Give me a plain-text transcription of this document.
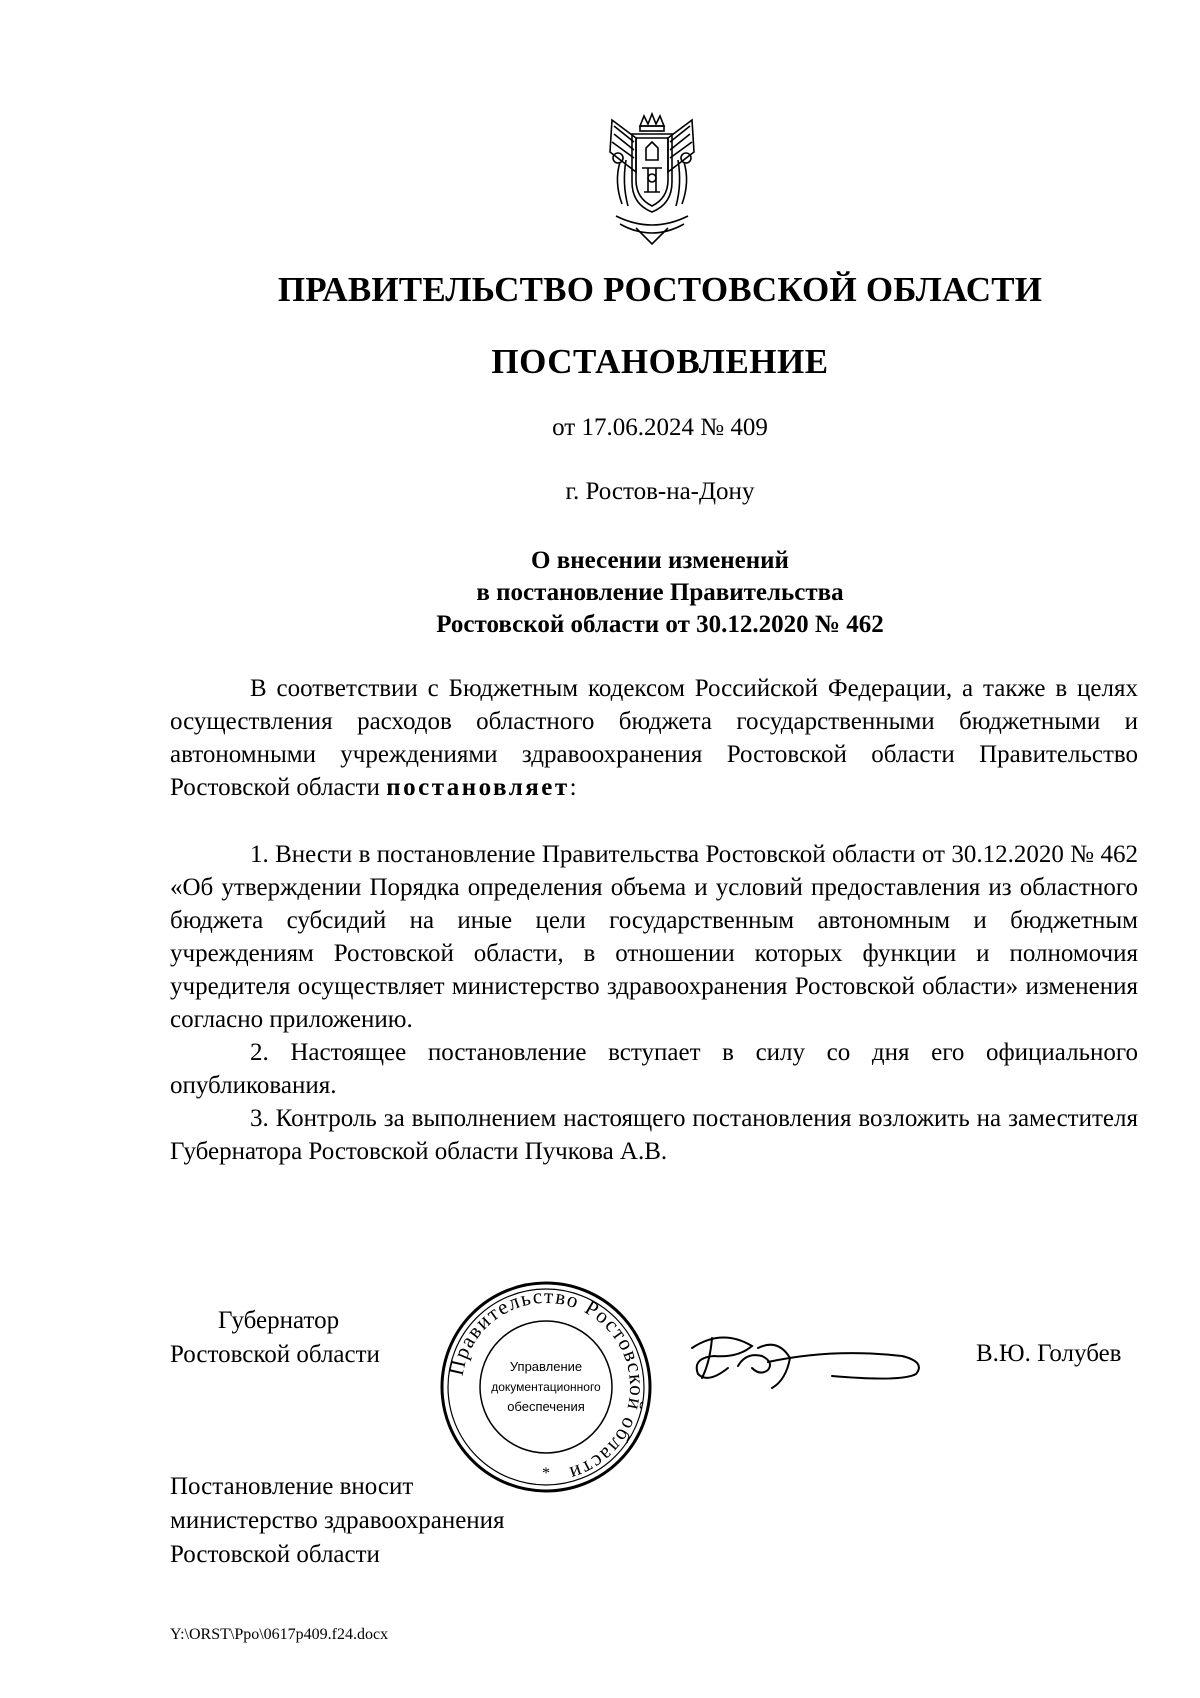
ПРАВИТЕЛЬСТВО РОСТОВСКОЙ ОБЛАСТИ
ПОСТАНОВЛЕНИЕ
от 17.06.2024 № 409
г. Ростов-на-Дону
О внесении изменений
в постановление Правительства
Ростовской области от 30.12.2020 № 462
В соответствии с Бюджетным кодексом Российской Федерации, а также в целях осуществления расходов областного бюджета государственными бюджетными и автономными учреждениями здравоохранения Ростовской области Правительство Ростовской области постановляет:

1. Внести в постановление Правительства Ростовской области от 30.12.2020 № 462 «Об утверждении Порядка определения объема и условий предоставления из областного бюджета субсидий на иные цели государственным автономным и бюджетным учреждениям Ростовской области, в отношении которых функции и полномочия учредителя осуществляет министерство здравоохранения Ростовской области» изменения согласно приложению.

2. Настоящее постановление вступает в силу со дня его официального опубликования.

3. Контроль за выполнением настоящего постановления возложить на заместителя Губернатора Ростовской области Пучкова А.В.

Губернатор
Ростовской области	Правительство Ростовской области
Управление
документационного
обеспечения
*
В.Ю. Голубев
Постановление вносит
министерство здравоохранения
Ростовской области
Y:\ORST\Ppo\0617p409.f24.docx
